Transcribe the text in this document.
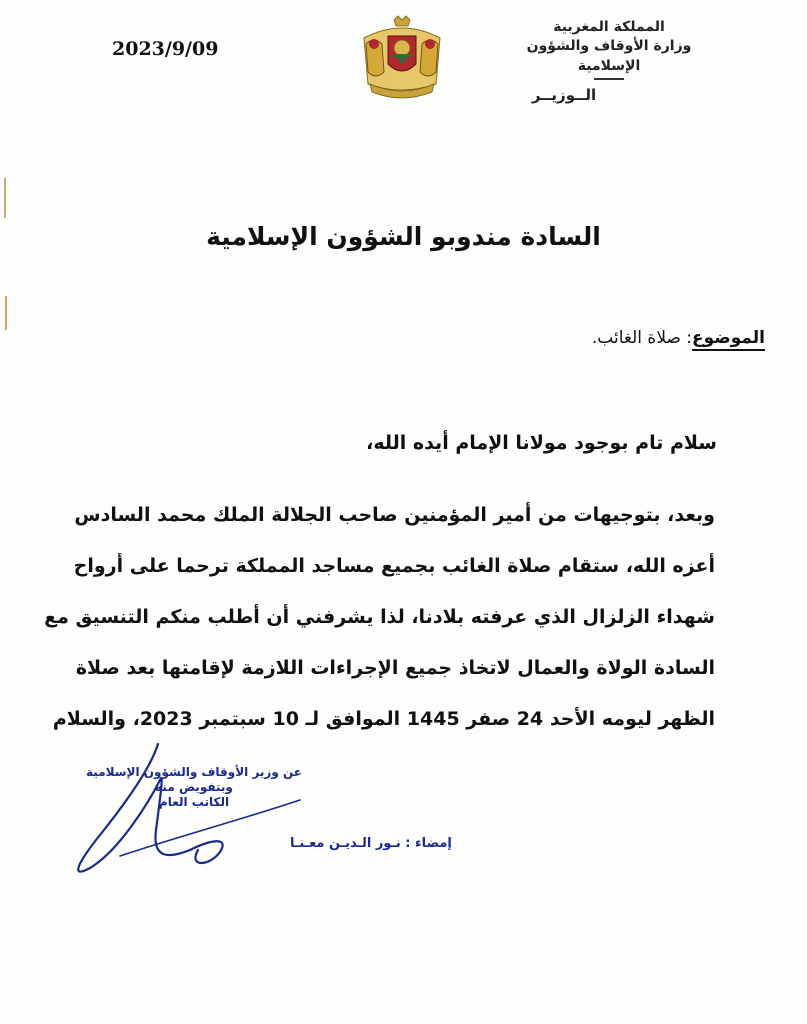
2023/9/09
المملكة المغربية
وزارة الأوقاف والشؤون الإسلامية
الــوزيــر
السادة مندوبو الشؤون الإسلامية
الموضوع: صلاة الغائب.
سلام تام بوجود مولانا الإمام أيده الله،
وبعد، بتوجيهات من أمير المؤمنين صاحب الجلالة الملك محمد السادس
أعزه الله، ستقام صلاة الغائب بجميع مساجد المملكة ترحما على أرواح
شهداء الزلزال الذي عرفته بلادنا، لذا يشرفني أن أطلب منكم التنسيق مع
السادة الولاة والعمال لاتخاذ جميع الإجراءات اللازمة لإقامتها بعد صلاة
الظهر ليومه الأحد 24 صفر 1445 الموافق لـ 10 سبتمبر 2023، والسلام
عن وزير الأوقاف والشؤون الإسلامية
وبتفويض منه
الكاتب العام
إمضاء : نـور الـديـن معـنـا
